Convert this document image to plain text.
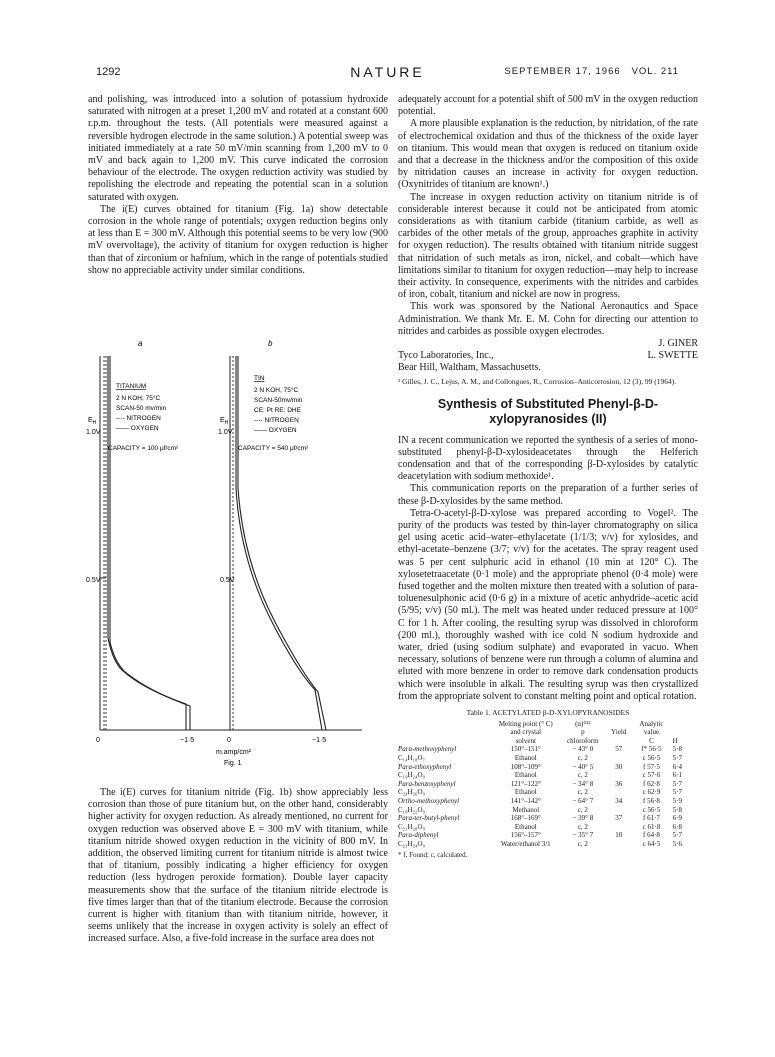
1292	NATURE	SEPTEMBER 17, 1966 VOL. 211

and polishing, was introduced into a solution of potassium hydroxide saturated with nitrogen at a preset 1,200 mV and rotated at a constant 600 r.p.m. throughout the tests. (All potentials were measured against a reversible hydrogen electrode in the same solution.) A potential sweep was initiated immediately at a rate 50 mV/min scanning from 1,200 mV to 0 mV and back again to 1,200 mV. This curve indicated the corrosion behaviour of the electrode. The oxygen reduction activity was studied by repolishing the electrode and repeating the potential scan in a solution saturated with oxygen.

The i(E) curves obtained for titanium (Fig. 1a) show detectable corrosion in the whole range of potentials; oxygen reduction begins only at less than E = 300 mV. Although this potential seems to be very low (900 mV overvoltage), the activity of titanium for oxygen reduction is higher than that of zirconium or hafnium, which in the range of potentials studied show no appreciable activity under similar conditions.

a	b
$E_H$
1.0V
0.5V
$E_H$
1.0V
0.5V
TITANIUM
2 N KOH, 75°C
SCAN-50 mv/min
---- NITROGEN
—— OXYGEN
CAPACITY = 100 μf/cm²
TIN
2 N KOH, 75°C
SCAN-50mv/min
CE: Pt RE: DHE
---- NITROGEN
—— OXYGEN
CAPACITY = 540 μf/cm²
0	−1·5	0	−1·5
m.amp/cm²
Fig. 1

The i(E) curves for titanium nitride (Fig. 1b) show appreciably less corrosion than those of pure titanium but, on the other hand, considerably higher activity for oxygen reduction. As already mentioned, no current for oxygen reduction was observed above E = 300 mV with titanium, while titanium nitride showed oxygen reduction in the vicinity of 800 mV. In addition, the observed limiting current for titanium nitride is almost twice that of titanium, possibly indicating a higher efficiency for oxygen reduction (less hydrogen peroxide formation). Double layer capacity measurements show that the surface of the titanium nitride electrode is five times larger than that of the titanium electrode. Because the corrosion current is higher with titanium than with titanium nitride, however, it seems unlikely that the increase in oxygen activity is solely an effect of increased surface. Also, a five-fold increase in the surface area does not

adequately account for a potential shift of 500 mV in the oxygen reduction potential.

A more plausible explanation is the reduction, by nitridation, of the rate of electrochemical oxidation and thus of the thickness of the oxide layer on titanium. This would mean that oxygen is reduced on titanium oxide and that a decrease in the thickness and/or the composition of this oxide by nitridation causes an increase in activity for oxygen reduction. (Oxynitrides of titanium are known¹.)

The increase in oxygen reduction activity on titanium nitride is of considerable interest because it could not be anticipated from atomic considerations as with titanium carbide (titanium carbide, as well as carbides of the other metals of the group, approaches graphite in activity for oxygen reduction). The results obtained with titanium nitride suggest that nitridation of such metals as iron, nickel, and cobalt—which have limitations similar to titanium for oxygen reduction—may help to increase their activity. In consequence, experiments with the nitrides and carbides of iron, cobalt, titanium and nickel are now in progress.

This work was sponsored by the National Aeronautics and Space Administration. We thank Mr. E. M. Cohn for directing our attention to nitrides and carbides as possible oxygen electrodes.

J. GINER

Tyco Laboratories, Inc.,	L. SWETTE

Bear Hill, Waltham, Massachusetts.

¹ Gilles, J. C., Lejus, A. M., and Collongues, R., Corrosion–Anticorrosion, 12 (3), 99 (1964).
Synthesis of Substituted Phenyl-β-D-xylopyranosides (II)

IN a recent communication we reported the synthesis of a series of mono-substituted phenyl-β-D-xylosideacetates through the Helferich condensation and that of the corresponding β-D-xylosides by catalytic deacetylation with sodium methoxide¹.

This communication reports on the preparation of a further series of these β-D-xylosides by the same method.

Tetra-O-acetyl-β-D-xylose was prepared according to Vogel². The purity of the products was tested by thin-layer chromatography on silica gel using acetic acid–water–ethylacetate (1/1/3; v/v) for xylosides, and ethyl-acetate–benzene (3/7; v/v) for the acetates. The spray reagent used was 5 per cent sulphuric acid in ethanol (10 min at 120° C). The xylosetetraacetate (0·1 mole) and the appropriate phenol (0·4 mole) were fused together and the molten mixture then treated with a solution of para-toluenesulphonic acid (0·6 g) in a mixture of acetic anhydride–acetic acid (5/95; v/v) (50 ml.). The melt was heated under reduced pressure at 100° C for 1 h. After cooling, the resulting syrup was dissolved in chloroform (200 ml.), thoroughly washed with ice cold N sodium hydroxide and water, dried (using sodium sulphate) and evaporated in vacuo. When necessary, solutions of benzene were run through a column of alumina and eluted with more benzene in order to remove dark condensation products which were insoluble in alkali. The resulting syrup was then crystallized from the appropriate solvent to constant melting point and optical rotation.

Table 1. ACETYLATED β-D-XYLOPYRANOSIDES
	Melting point (° C)	(α)ᴰ²²		Analytic	
	and crystal	p	Yield	value	
	solvent	chloroform		C	H
Para-methoxyphenyl	150°–151°	− 43° 0	57	f* 56·5	5·8
C₁₄H₁₈O₇	Ethanol	c, 2		c 56·5	5·7
Para-ethoxyphenyl	108°–109°	− 40° 5	30	f 57·5	6·4
C₁₉H₂₄O₉	Ethanol	c, 2		c 57·6	6·1
Para-benzoxyphenyl	121°–122°	− 34° 8	36	f 62·8	5·7
C₂₄H₂₆O₉	Ethanol	c, 2		c 62·9	5·7
Ortho-methoxyphenyl	141°–142°	− 64° 7	34	f 56·8	5·9
C₁₈H₂₂O₉	Methanol	c, 2		c 56·5	5·8
Para-ter-butyl-phenyl	168°–169°	− 39° 8	37	f 61·7	6·9
C₂₁H₂₈O₉	Ethanol	c, 2		c 61·8	6·8
Para-diphenyl	156°–157°	− 35° 7	10	f 64·8	5·7
C₂₃H₂₄O₉	Water/ethanol 3/1	c, 2		c 64·5	5·6
* f, Found; c, calculated.
